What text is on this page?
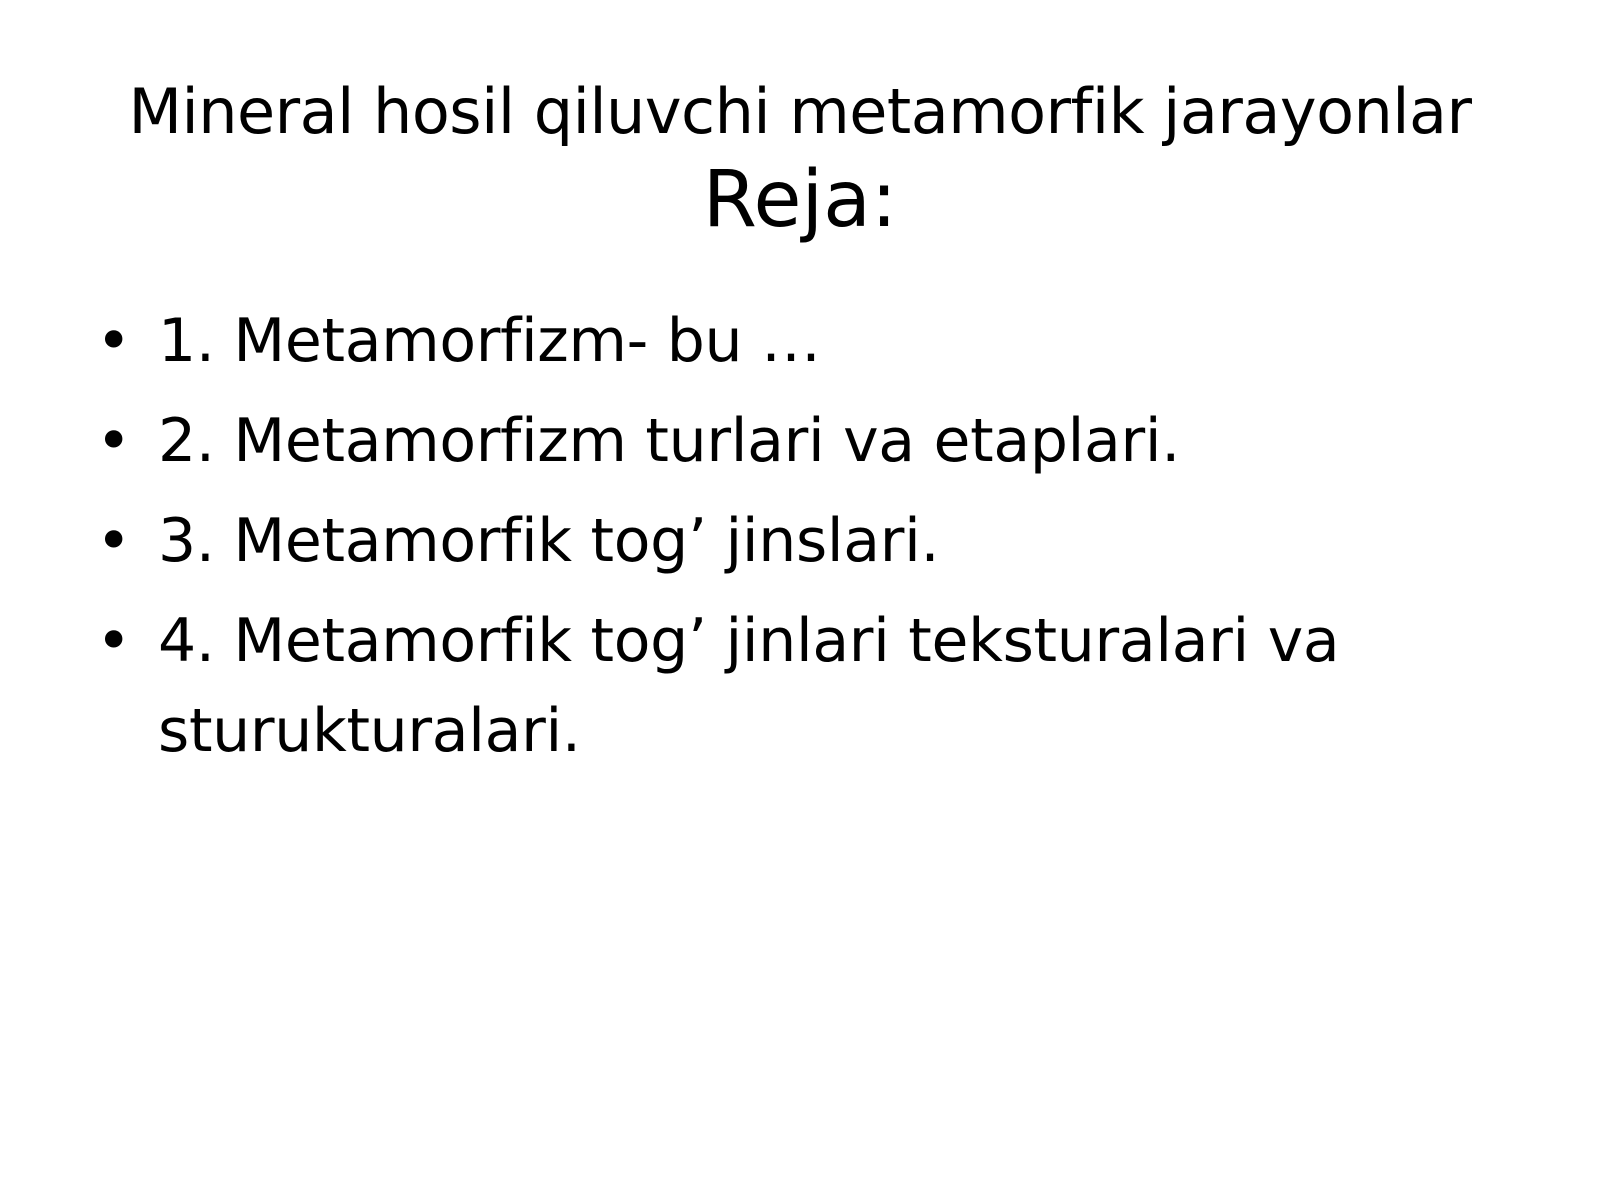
Mineral hosil qiluvchi metamorfik jarayonlar
Reja:
• 1. Metamorfizm- bu …
• 2. Metamorfizm turlari va etaplari.
• 3. Metamorfik tog’ jinslari.
• 4. Metamorfik tog’ jinlari teksturalari va sturukturalari.
